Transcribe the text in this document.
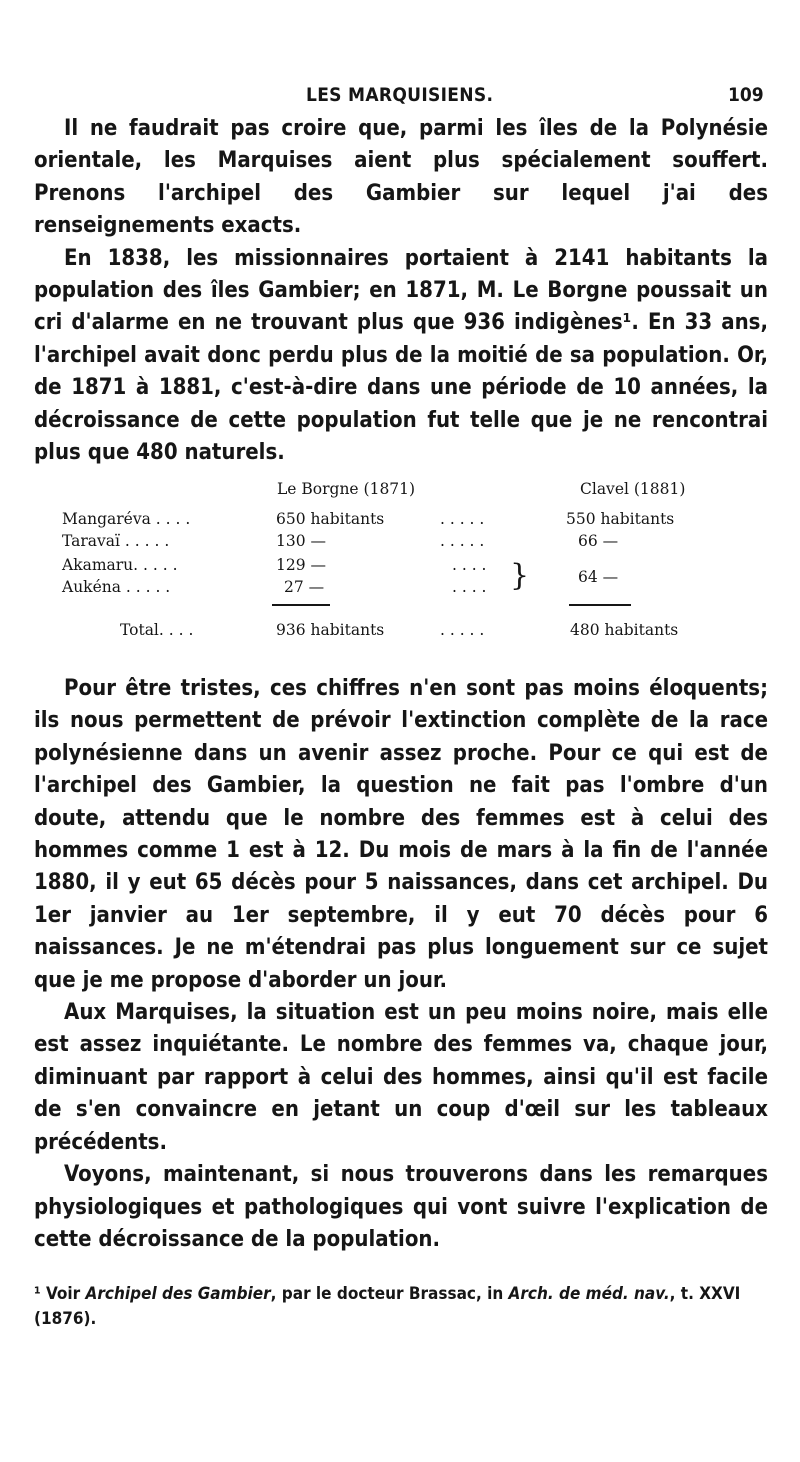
LES MARQUISIENS.	109

Il ne faudrait pas croire que, parmi les îles de la Polynésie orientale, les Marquises aient plus spécialement souffert. Prenons l'archipel des Gambier sur lequel j'ai des renseignements exacts.

En 1838, les missionnaires portaient à 2141 habitants la population des îles Gambier; en 1871, M. Le Borgne poussait un cri d'alarme en ne trouvant plus que 936 indigènes¹. En 33 ans, l'archipel avait donc perdu plus de la moitié de sa population. Or, de 1871 à 1881, c'est-à-dire dans une période de 10 années, la décroissance de cette population fut telle que je ne rencontrai plus que 480 naturels.

Le Borgne (1871)	Clavel (1881)
Mangaréva . . . .	650 habitants	. . . . .	550 habitants
Taravaï . . . . .	130 —	. . . . .	66 —
Akamaru. . . . .	129 —	. . . .
Aukéna . . . . .	27 —	. . . . }	64 —
Total. . . .	936 habitants	. . . . .	480 habitants

Pour être tristes, ces chiffres n'en sont pas moins éloquents; ils nous permettent de prévoir l'extinction complète de la race polynésienne dans un avenir assez proche. Pour ce qui est de l'archipel des Gambier, la question ne fait pas l'ombre d'un doute, attendu que le nombre des femmes est à celui des hommes comme 1 est à 12. Du mois de mars à la fin de l'année 1880, il y eut 65 décès pour 5 naissances, dans cet archipel. Du 1er janvier au 1er septembre, il y eut 70 décès pour 6 naissances. Je ne m'étendrai pas plus longuement sur ce sujet que je me propose d'aborder un jour.

Aux Marquises, la situation est un peu moins noire, mais elle est assez inquiétante. Le nombre des femmes va, chaque jour, diminuant par rapport à celui des hommes, ainsi qu'il est facile de s'en convaincre en jetant un coup d'œil sur les tableaux précédents.

Voyons, maintenant, si nous trouverons dans les remarques physiologiques et pathologiques qui vont suivre l'explication de cette décroissance de la population.

¹ Voir Archipel des Gambier, par le docteur Brassac, in Arch. de méd. nav., t. XXVI (1876).
